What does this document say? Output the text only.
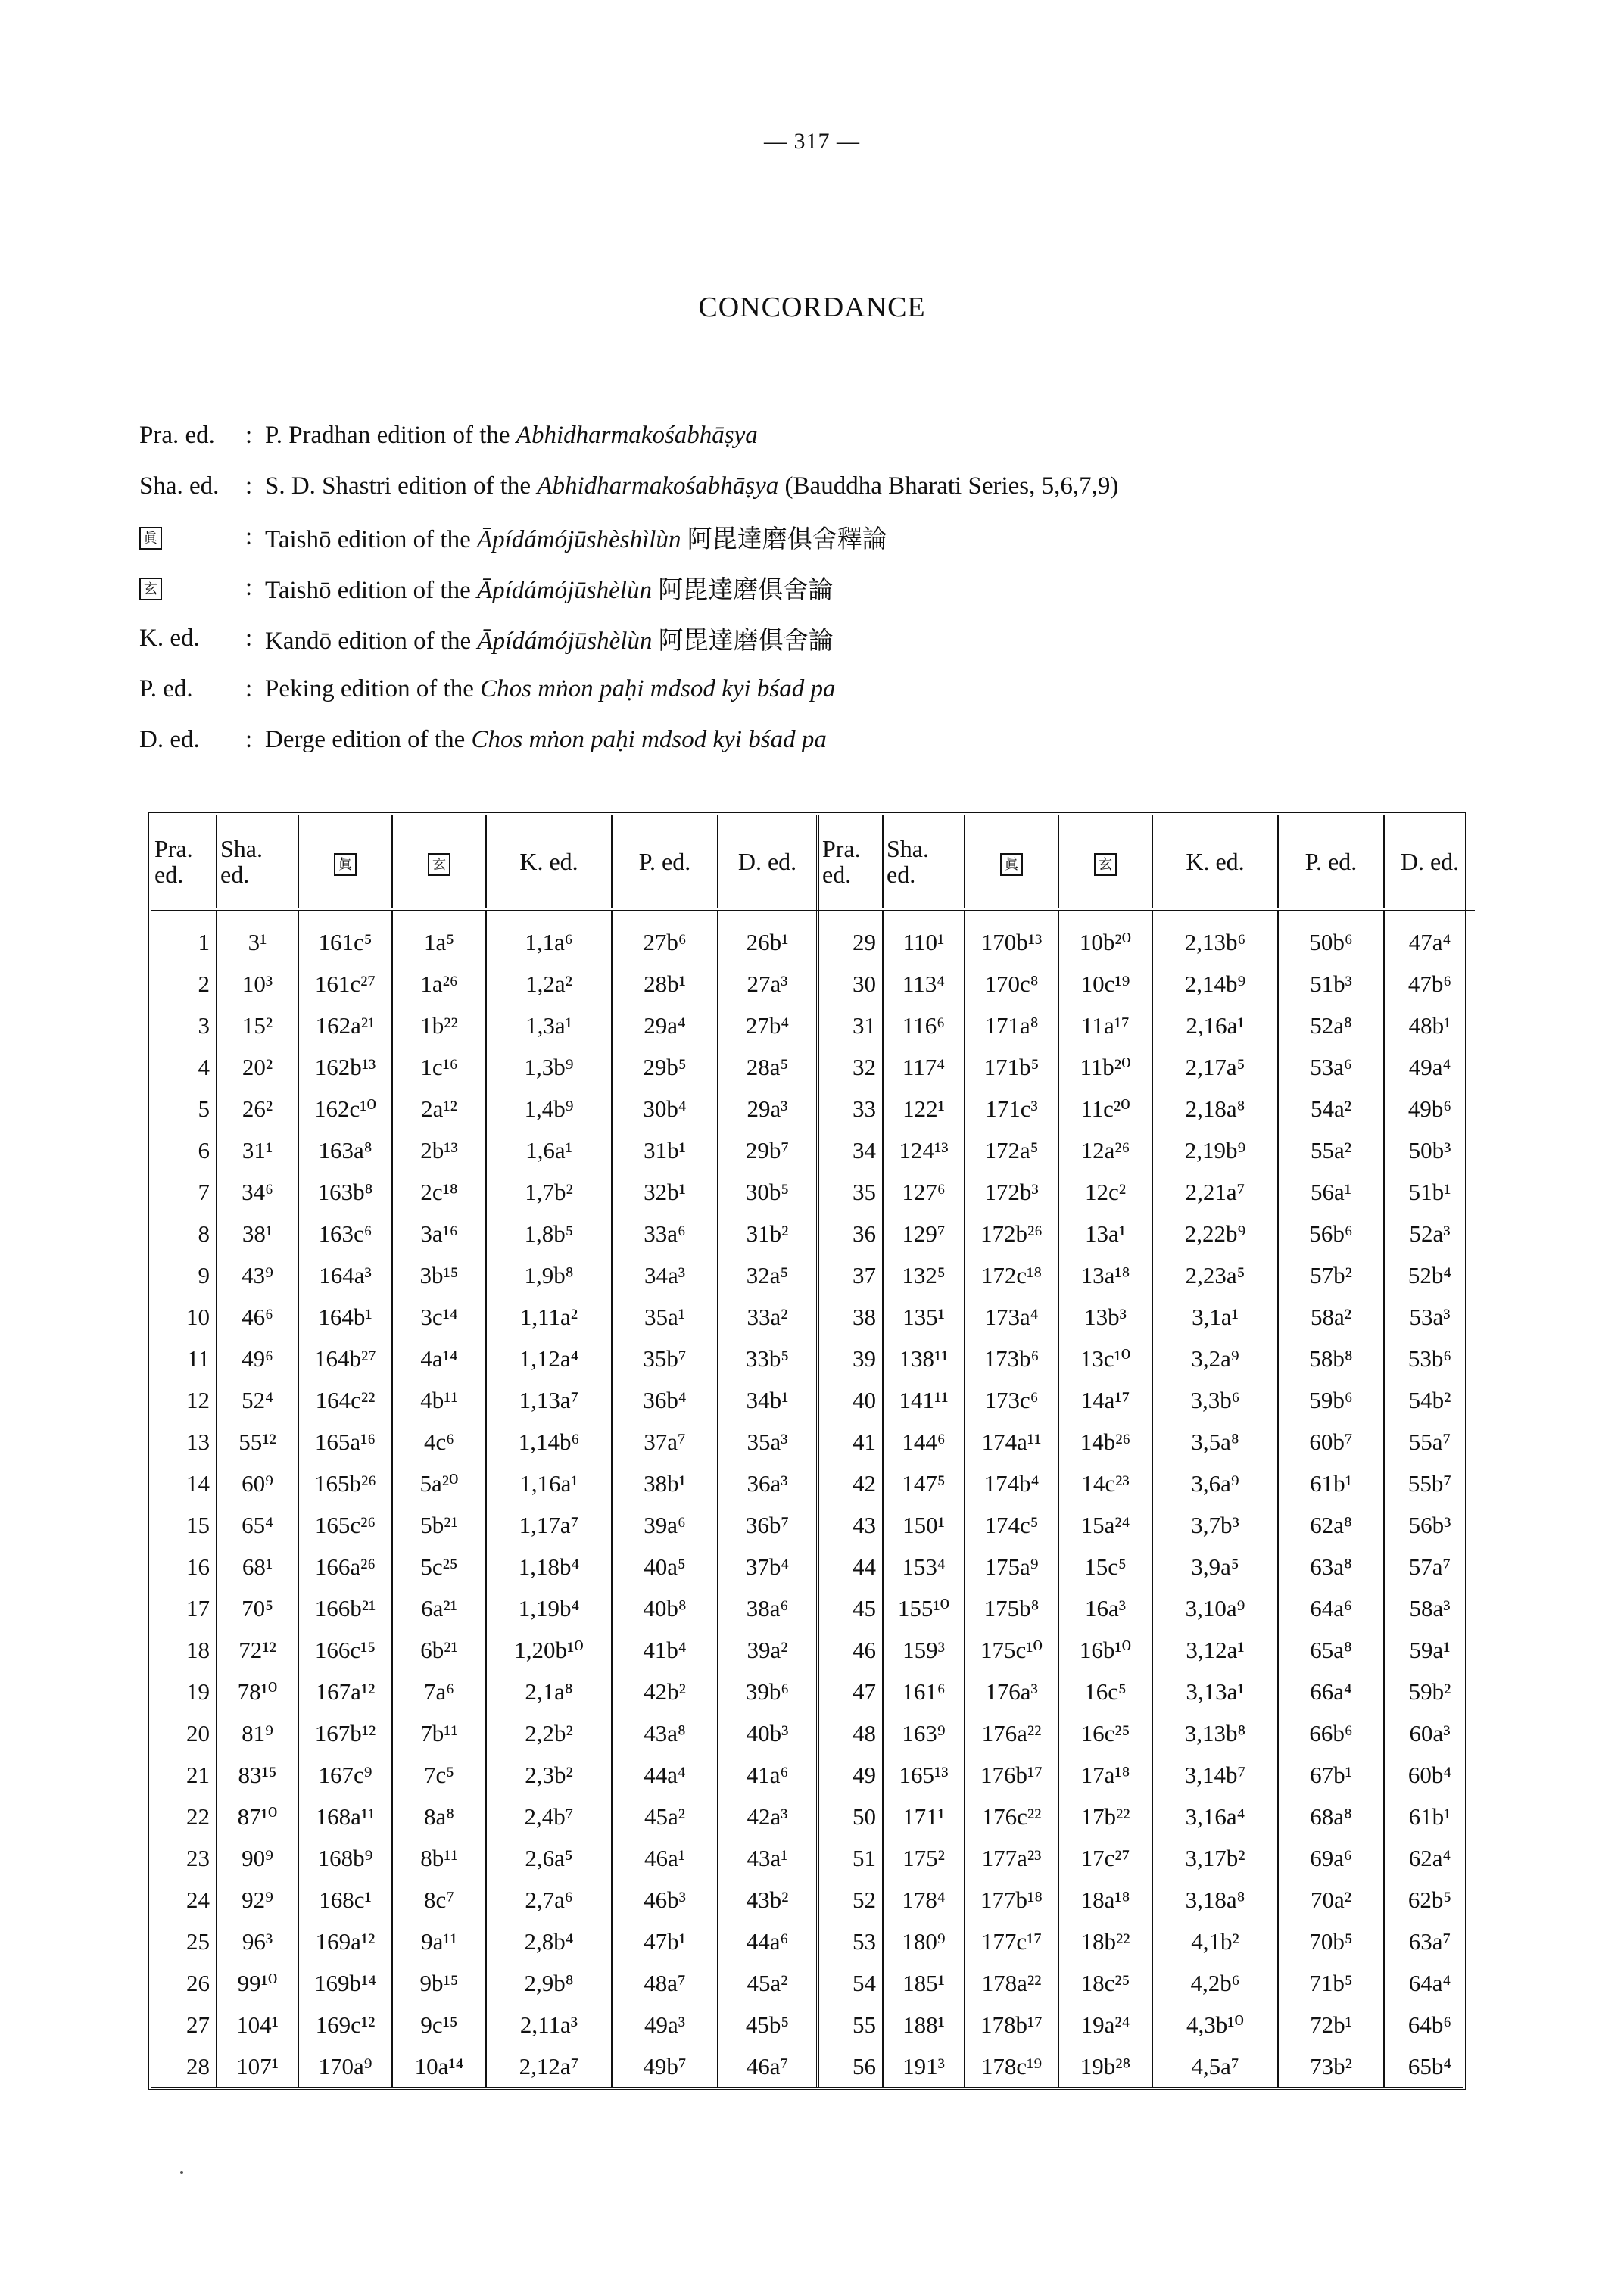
— 317 —
CONCORDANCE
Pra. ed.	: P. Pradhan edition of the Abhidharmakośabhāṣya
Sha. ed.	: S. D. Shastri edition of the Abhidharmakośabhāṣya (Bauddha Bharati Series, 5,6,7,9)
眞	: Taishō edition of the Āpídámójūshèshìlùn 阿毘達磨俱舍釋論
玄	: Taishō edition of the Āpídámójūshèlùn 阿毘達磨俱舍論
K. ed.	: Kandō edition of the Āpídámójūshèlùn 阿毘達磨俱舍論
P. ed.	: Peking edition of the Chos mṅon paḥi mdsod kyi bśad pa
D. ed.	: Derge edition of the Chos mṅon paḥi mdsod kyi bśad pa
Pra. ed.	Sha. ed.	眞	玄	K. ed.	P. ed.	D. ed.	Pra. ed.	Sha. ed.	眞	玄	K. ed.	P. ed.	D. ed.
1	3¹	161c⁵	1a⁵	1,1a⁶	27b⁶	26b¹	29	110¹	170b¹³	10b²⁰	2,13b⁶	50b⁶	47a⁴
2	10³	161c²⁷	1a²⁶	1,2a²	28b¹	27a³	30	113⁴	170c⁸	10c¹⁹	2,14b⁹	51b³	47b⁶
3	15²	162a²¹	1b²²	1,3a¹	29a⁴	27b⁴	31	116⁶	171a⁸	11a¹⁷	2,16a¹	52a⁸	48b¹
4	20²	162b¹³	1c¹⁶	1,3b⁹	29b⁵	28a⁵	32	117⁴	171b⁵	11b²⁰	2,17a⁵	53a⁶	49a⁴
5	26²	162c¹⁰	2a¹²	1,4b⁹	30b⁴	29a³	33	122¹	171c³	11c²⁰	2,18a⁸	54a²	49b⁶
6	31¹	163a⁸	2b¹³	1,6a¹	31b¹	29b⁷	34	124¹³	172a⁵	12a²⁶	2,19b⁹	55a²	50b³
7	34⁶	163b⁸	2c¹⁸	1,7b²	32b¹	30b⁵	35	127⁶	172b³	12c²	2,21a⁷	56a¹	51b¹
8	38¹	163c⁶	3a¹⁶	1,8b⁵	33a⁶	31b²	36	129⁷	172b²⁶	13a¹	2,22b⁹	56b⁶	52a³
9	43⁹	164a³	3b¹⁵	1,9b⁸	34a³	32a⁵	37	132⁵	172c¹⁸	13a¹⁸	2,23a⁵	57b²	52b⁴
10	46⁶	164b¹	3c¹⁴	1,11a²	35a¹	33a²	38	135¹	173a⁴	13b³	3,1a¹	58a²	53a³
11	49⁶	164b²⁷	4a¹⁴	1,12a⁴	35b⁷	33b⁵	39	138¹¹	173b⁶	13c¹⁰	3,2a⁹	58b⁸	53b⁶
12	52⁴	164c²²	4b¹¹	1,13a⁷	36b⁴	34b¹	40	141¹¹	173c⁶	14a¹⁷	3,3b⁶	59b⁶	54b²
13	55¹²	165a¹⁶	4c⁶	1,14b⁶	37a⁷	35a³	41	144⁶	174a¹¹	14b²⁶	3,5a⁸	60b⁷	55a⁷
14	60⁹	165b²⁶	5a²⁰	1,16a¹	38b¹	36a³	42	147⁵	174b⁴	14c²³	3,6a⁹	61b¹	55b⁷
15	65⁴	165c²⁶	5b²¹	1,17a⁷	39a⁶	36b⁷	43	150¹	174c⁵	15a²⁴	3,7b³	62a⁸	56b³
16	68¹	166a²⁶	5c²⁵	1,18b⁴	40a⁵	37b⁴	44	153⁴	175a⁹	15c⁵	3,9a⁵	63a⁸	57a⁷
17	70⁵	166b²¹	6a²¹	1,19b⁴	40b⁸	38a⁶	45	155¹⁰	175b⁸	16a³	3,10a⁹	64a⁶	58a³
18	72¹²	166c¹⁵	6b²¹	1,20b¹⁰	41b⁴	39a²	46	159³	175c¹⁰	16b¹⁰	3,12a¹	65a⁸	59a¹
19	78¹⁰	167a¹²	7a⁶	2,1a⁸	42b²	39b⁶	47	161⁶	176a³	16c⁵	3,13a¹	66a⁴	59b²
20	81⁹	167b¹²	7b¹¹	2,2b²	43a⁸	40b³	48	163⁹	176a²²	16c²⁵	3,13b⁸	66b⁶	60a³
21	83¹⁵	167c⁹	7c⁵	2,3b²	44a⁴	41a⁶	49	165¹³	176b¹⁷	17a¹⁸	3,14b⁷	67b¹	60b⁴
22	87¹⁰	168a¹¹	8a⁸	2,4b⁷	45a²	42a³	50	171¹	176c²²	17b²²	3,16a⁴	68a⁸	61b¹
23	90⁹	168b⁹	8b¹¹	2,6a⁵	46a¹	43a¹	51	175²	177a²³	17c²⁷	3,17b²	69a⁶	62a⁴
24	92⁹	168c¹	8c⁷	2,7a⁶	46b³	43b²	52	178⁴	177b¹⁸	18a¹⁸	3,18a⁸	70a²	62b⁵
25	96³	169a¹²	9a¹¹	2,8b⁴	47b¹	44a⁶	53	180⁹	177c¹⁷	18b²²	4,1b²	70b⁵	63a⁷
26	99¹⁰	169b¹⁴	9b¹⁵	2,9b⁸	48a⁷	45a²	54	185¹	178a²²	18c²⁵	4,2b⁶	71b⁵	64a⁴
27	104¹	169c¹²	9c¹⁵	2,11a³	49a³	45b⁵	55	188¹	178b¹⁷	19a²⁴	4,3b¹⁰	72b¹	64b⁶
28	107¹	170a⁹	10a¹⁴	2,12a⁷	49b⁷	46a⁷	56	191³	178c¹⁹	19b²⁸	4,5a⁷	73b²	65b⁴
